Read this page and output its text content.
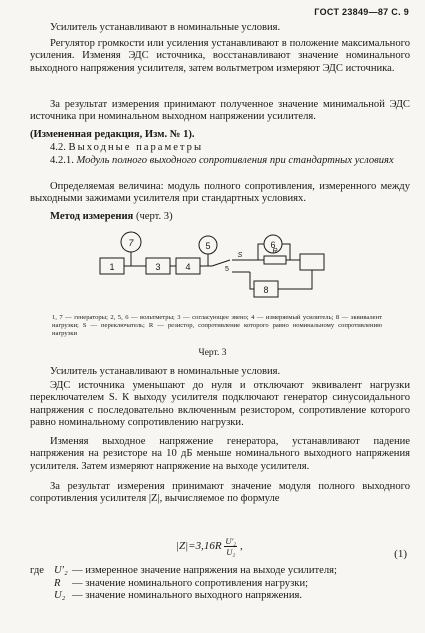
ГОСТ 23849—87 С. 9

Усилитель устанавливают в номинальные условия.

Регулятор громкости или усиления устанавливают в положение максимального усиления. Изменяя ЭДС источника, восстанавливают значение номинального выходного напряжения усилителя, затем вольтметром измеряют ЭДС источника.

За результат измерения принимают полученное значение минимальной ЭДС источника при номинальном выходном напряжении усилителя.

(Измененная редакция, Изм. № 1).

4.2. Выходные параметры

4.2.1. Модуль полного выходного сопротивления при стандартных условиях

Определяемая величина: модуль полного сопротивления, измеренного между выходными зажимами усилителя при стандартных условиях.

Метод измерения (черт. 3)

1	3	4
8
7	5	6
5
S
R
1, 7 — генераторы; 2, 5, 6 — вольтметры; 3 — согласующее звено; 4 — измеряемый усилитель; 8 — эквивалент нагрузки; S — переключатель; R — резистор, сопротивление которого равно номинальному сопротивлению нагрузки
Черт. 3

Усилитель устанавливают в номинальные условия.

ЭДС источника уменьшают до нуля и отключают эквивалент нагрузки переключателем S. К выходу усилителя подключают генератор синусоидального напряжения с последовательно включенным резистором, сопротивление которого равно номинальному сопротивлению нагрузки.

Изменяя выходное напряжение генератора, устанавливают падение напряжения на резисторе на 10 дБ меньше номинального выходного напряжения усилителя. Затем измеряют напряжение на выходе усилителя.

За результат измерения принимают значение модуля полного выходного сопротивления усилителя |Z|, вычисляемое по формуле

$|Z|=3,16R \frac{\text{U′₂}}{\text{U₂}}$ ,
(1)
где U′₂ — измеренное значение напряжения на выходе усилителя;
R	— значение номинального сопротивления нагрузки;
U₂ — значение номинального выходного напряжения.
